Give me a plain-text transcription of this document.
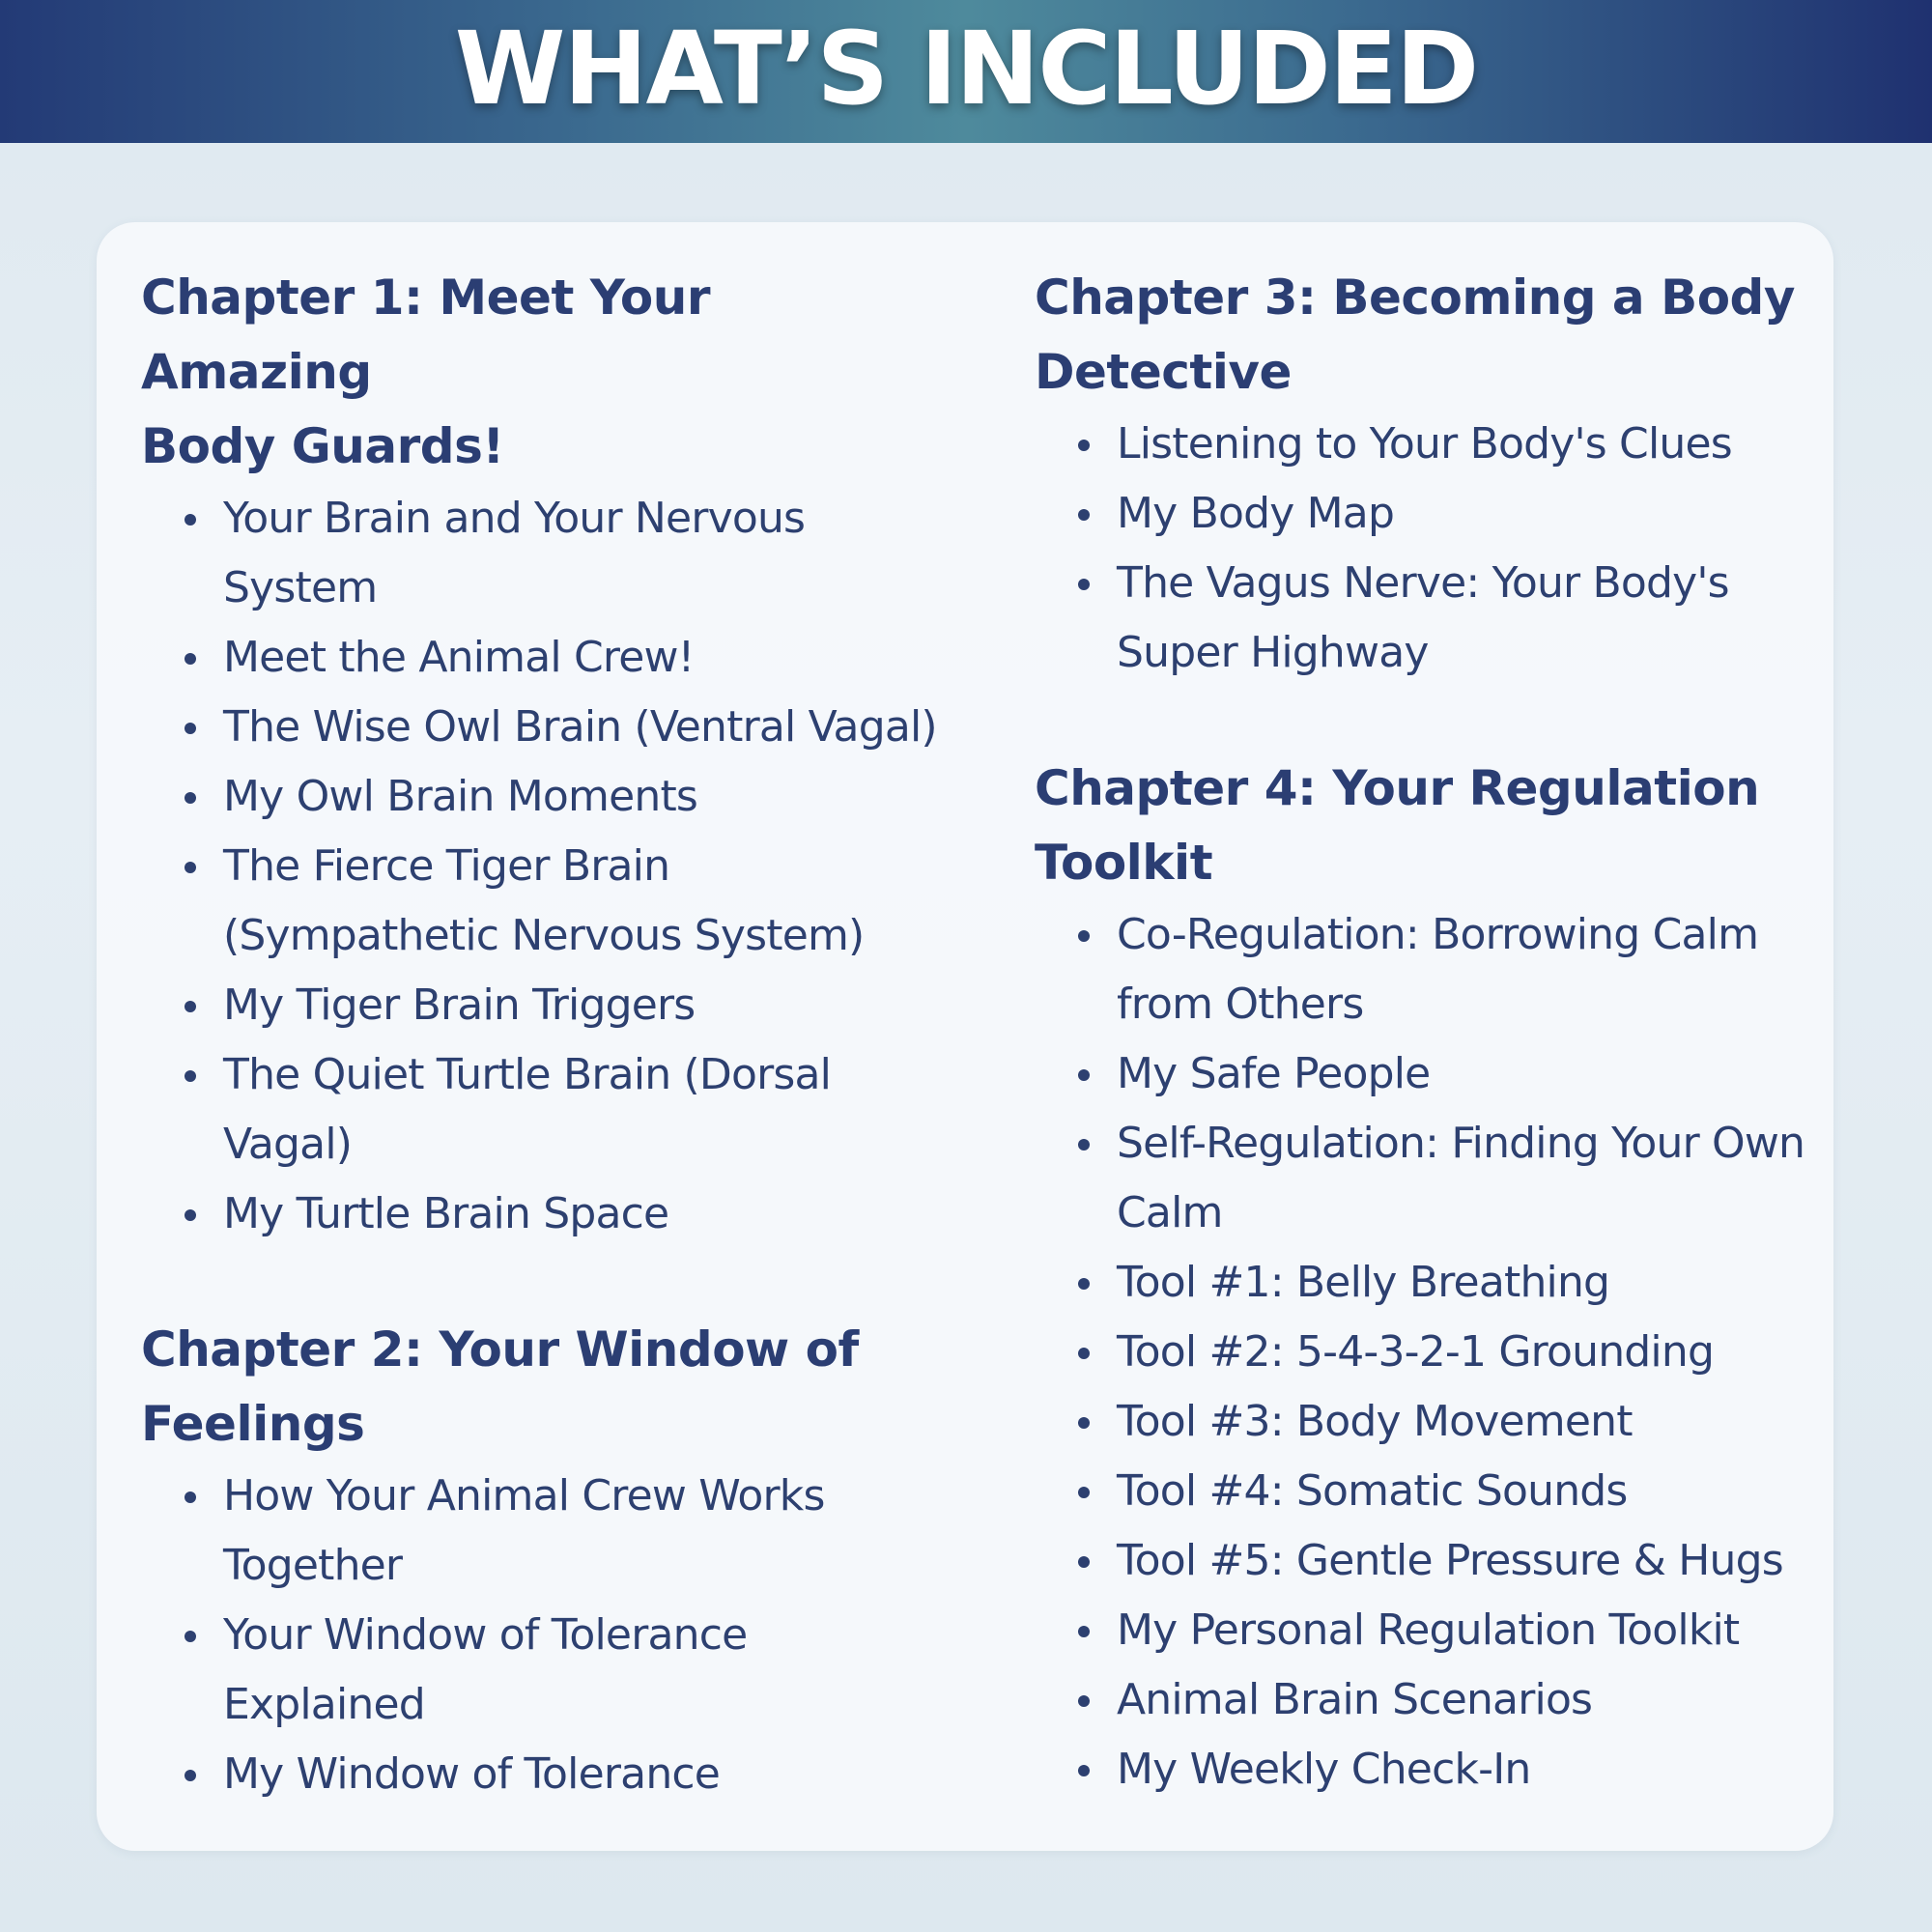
WHAT’S INCLUDED
Chapter 1: Meet Your Amazing
Body Guards!
Your Brain and Your Nervous System
Meet the Animal Crew!
The Wise Owl Brain (Ventral Vagal)
My Owl Brain Moments
The Fierce Tiger Brain (Sympathetic Nervous System)
My Tiger Brain Triggers
The Quiet Turtle Brain (Dorsal Vagal)
My Turtle Brain Space
Chapter 2: Your Window of
Feelings
How Your Animal Crew Works Together
Your Window of Tolerance Explained
My Window of Tolerance
Chapter 3: Becoming a Body
Detective
Listening to Your Body's Clues
My Body Map
The Vagus Nerve: Your Body's Super Highway
Chapter 4: Your Regulation
Toolkit
Co-Regulation: Borrowing Calm from Others
My Safe People
Self-Regulation: Finding Your Own Calm
Tool #1: Belly Breathing
Tool #2: 5-4-3-2-1 Grounding
Tool #3: Body Movement
Tool #4: Somatic Sounds
Tool #5: Gentle Pressure & Hugs
My Personal Regulation Toolkit
Animal Brain Scenarios
My Weekly Check-In
